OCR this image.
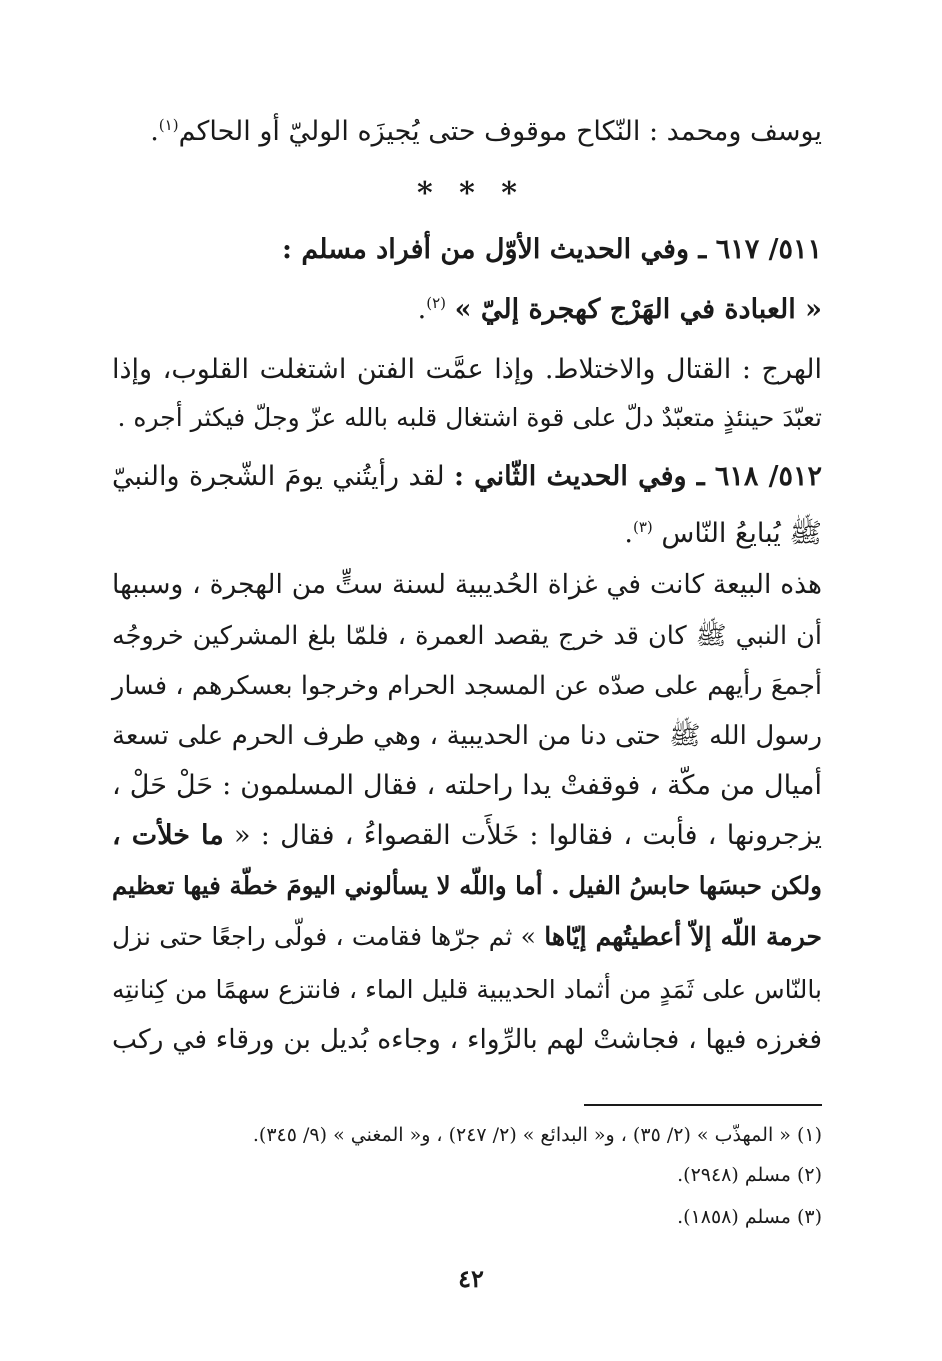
يوسف ومحمد : النّكاح موقوف حتى يُجيزَه الوليّ أو الحاكم$^{(١)}$.
* * *
٥١١/ ٦١٧ ـ وفي الحديث الأوّل من أفراد مسلم :
« العبادة في الهَرْج كهجرة إليّ » $^{(٢)}$.
الهرج : القتال والاختلاط. وإذا عمَّت الفتن اشتغلت القلوب، وإذا
تعبّدَ حينئذٍ متعبّدٌ دلّ على قوة اشتغال قلبه بالله عزّ وجلّ فيكثر أجره .
٥١٢/ ٦١٨ ـ وفي الحديث الثّاني : لقد رأيتُني يومَ الشّجرة والنبيّ
ﷺ يُبايعُ النّاس $^{(٣)}$.
هذه البيعة كانت في غزاة الحُديبية لسنة ستٍّ من الهجرة ، وسببها
أن النبي ﷺ كان قد خرج يقصد العمرة ، فلمّا بلغ المشركين خروجُه
أجمعَ رأيهم على صدّه عن المسجد الحرام وخرجوا بعسكرهم ، فسار
رسول الله ﷺ حتى دنا من الحديبية ، وهي طرف الحرم على تسعة
أميال من مكّة ، فوقفتْ يدا راحلته ، فقال المسلمون : حَلْ حَلْ ،
يزجرونها ، فأبت ، فقالوا : خَلأَت القصواءُ ، فقال : « ما خلأت ،
ولكن حبسَها حابسُ الفيل . أما واللّه لا يسألوني اليومَ خطّة فيها تعظيم
حرمة اللّه إلاّ أعطيتُهم إيّاها » ثم جرّها فقامت ، فولّى راجعًا حتى نزل
بالنّاس على ثَمَدٍ من أثماد الحديبية قليل الماء ، فانتزع سهمًا من كِنانتِه
فغرزه فيها ، فجاشتْ لهم بالرِّواء ، وجاءه بُديل بن ورقاء في ركب
(١) « المهذّب » (٢/ ٣٥) ، و« البدائع » (٢/ ٢٤٧) ، و« المغني » (٩/ ٣٤٥).
(٢) مسلم (٢٩٤٨).
(٣) مسلم (١٨٥٨).
٤٢
